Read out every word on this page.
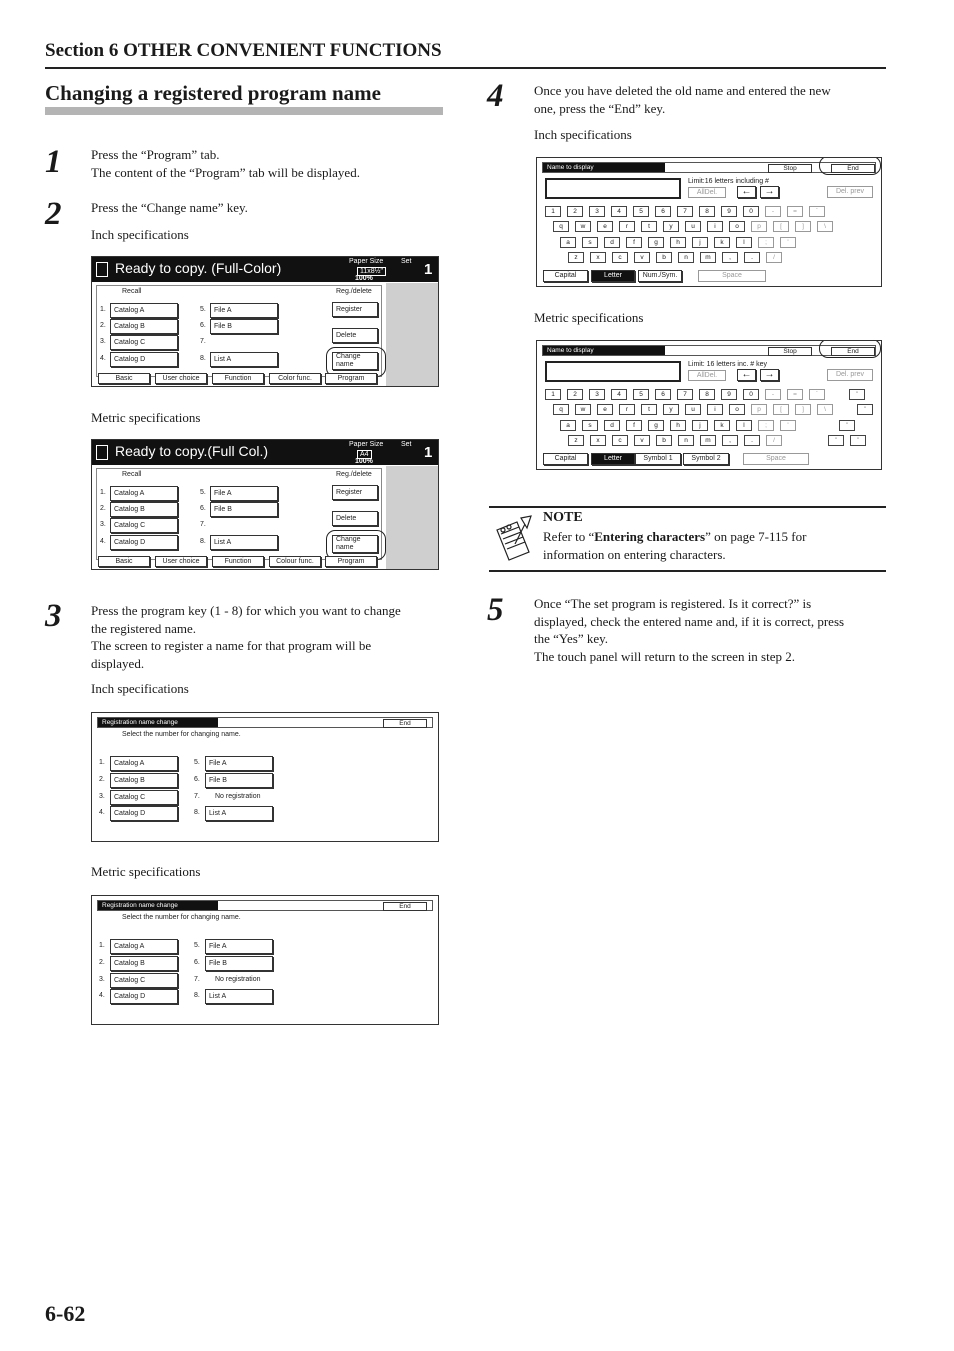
Section 6 OTHER CONVENIENT FUNCTIONS
Changing a registered program name
1 Press the “Program” tab.
The content of the “Program” tab will be displayed.
2 Press the “Change name” key.
Inch specifications
Ready to copy. (Full-Color)	Paper Size	Set
11x8½"
100%
1
Recall	Reg./delete
1.	Catalog A	5.	File A
2.	Catalog B	6.	File B
3.	Catalog C	7.
4.	Catalog D	8.	List A
Register
Delete
Change
name
Basic	User choice	Function	Color func.	Program
Metric specifications
Ready to copy.(Full Col.)	Paper Size	Set
A4
100%
1
Recall	Reg./delete
1.	Catalog A	5.	File A
2.	Catalog B	6.	File B
3.	Catalog C	7.
4.	Catalog D	8.	List A
Register
Delete
Change
name
Basic	User choice	Function	Colour func.	Program
3 Press the program key (1 - 8) for which you want to change
the registered name.
The screen to register a name for that program will be
displayed.
Inch specifications
Registration name change	End
Select the number for changing name.
1.	Catalog A	5.	File A
2.	Catalog B	6.	File B
3.	Catalog C	7. No registration
4.	Catalog D	8.	List A
Metric specifications
Registration name change	End
Select the number for changing name.
1.	Catalog A	5.	File A
2.	Catalog B	6.	File B
3.	Catalog C	7. No registration
4.	Catalog D	8.	List A
4 Once you have deleted the old name and entered the new
one, press the “End” key.
Inch specifications
Name to display	Stop	End
Limit:16 letters including #
AllDel.	←	→	Del. prev
1	2	3	4	5	6	7	8	9	0	-	=	`
q	w	e	r	t	y	u	i	o	p	[	]	\
a	s	d	f	g	h	j	k	l	;	'
z	x	c	v	b	n	m	,	.	/
Capital	Letter	Num./Sym.	Space
Metric specifications
Name to display	Stop	End
Limit: 16 letters inc. # key
AllDel.	←	→	Del. prev
1	2	3	4	5	6	7	8	9	0	-	=	`
q	w	e	r	t	y	u	i	o	p	[	]	\
a	s	d	f	g	h	j	k	l	;	'
z	x	c	v	b	n	m	,	.	/
'
'
'
'	'
Capital	Letter	Symbol 1	Symbol 2	Space
NOTE
Refer to “Entering characters” on page 7-115 for
information on entering characters.
5 Once “The set program is registered. Is it correct?” is
displayed, check the entered name and, if it is correct, press
the “Yes” key.
The touch panel will return to the screen in step 2.
6-62
